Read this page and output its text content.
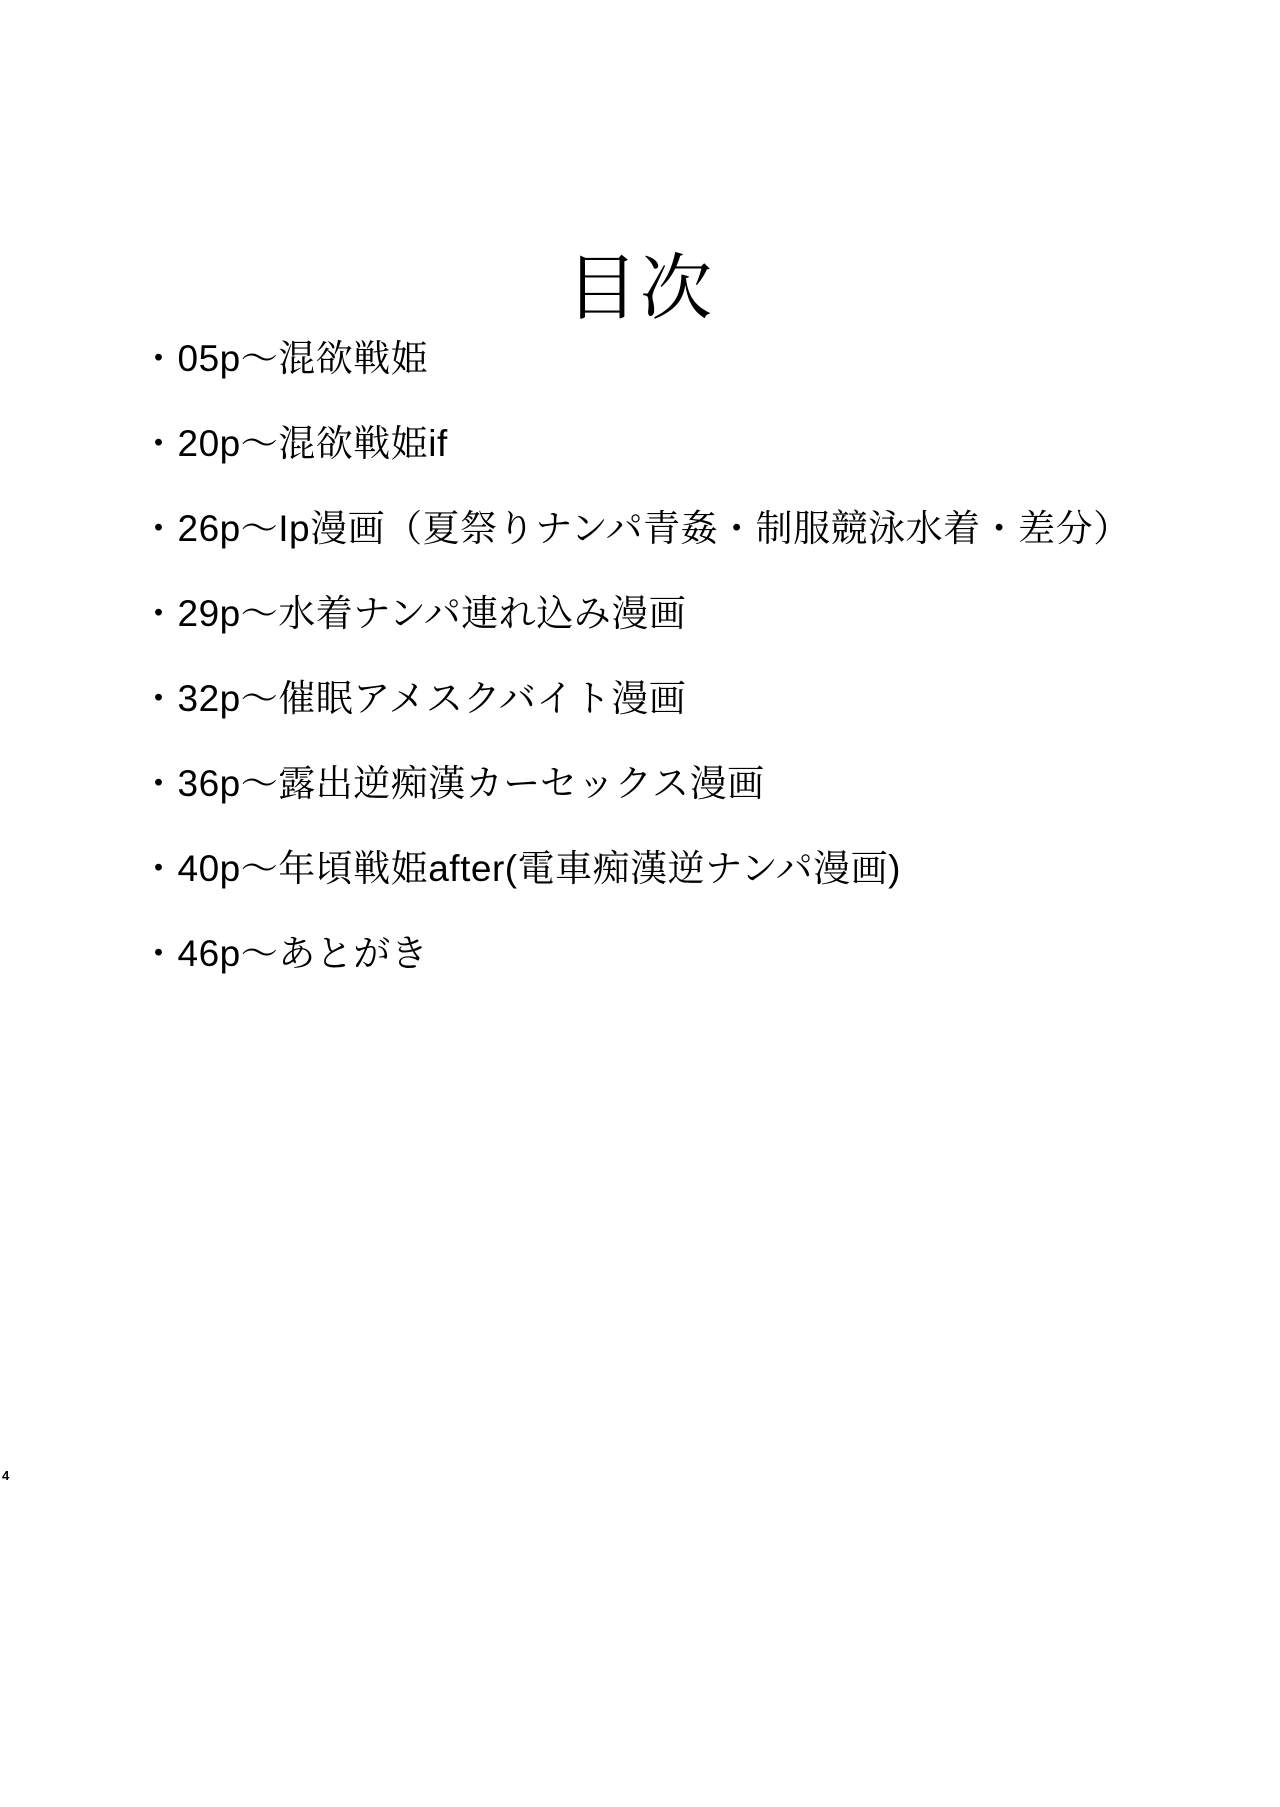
目次
・05p〜混欲戦姫
・20p〜混欲戦姫if
・26p〜Ip漫画（夏祭りナンパ青姦・制服競泳水着・差分）
・29p〜水着ナンパ連れ込み漫画
・32p〜催眠アメスクバイト漫画
・36p〜露出逆痴漢カーセックス漫画
・40p〜年頃戦姫after(電車痴漢逆ナンパ漫画)
・46p〜あとがき
4
